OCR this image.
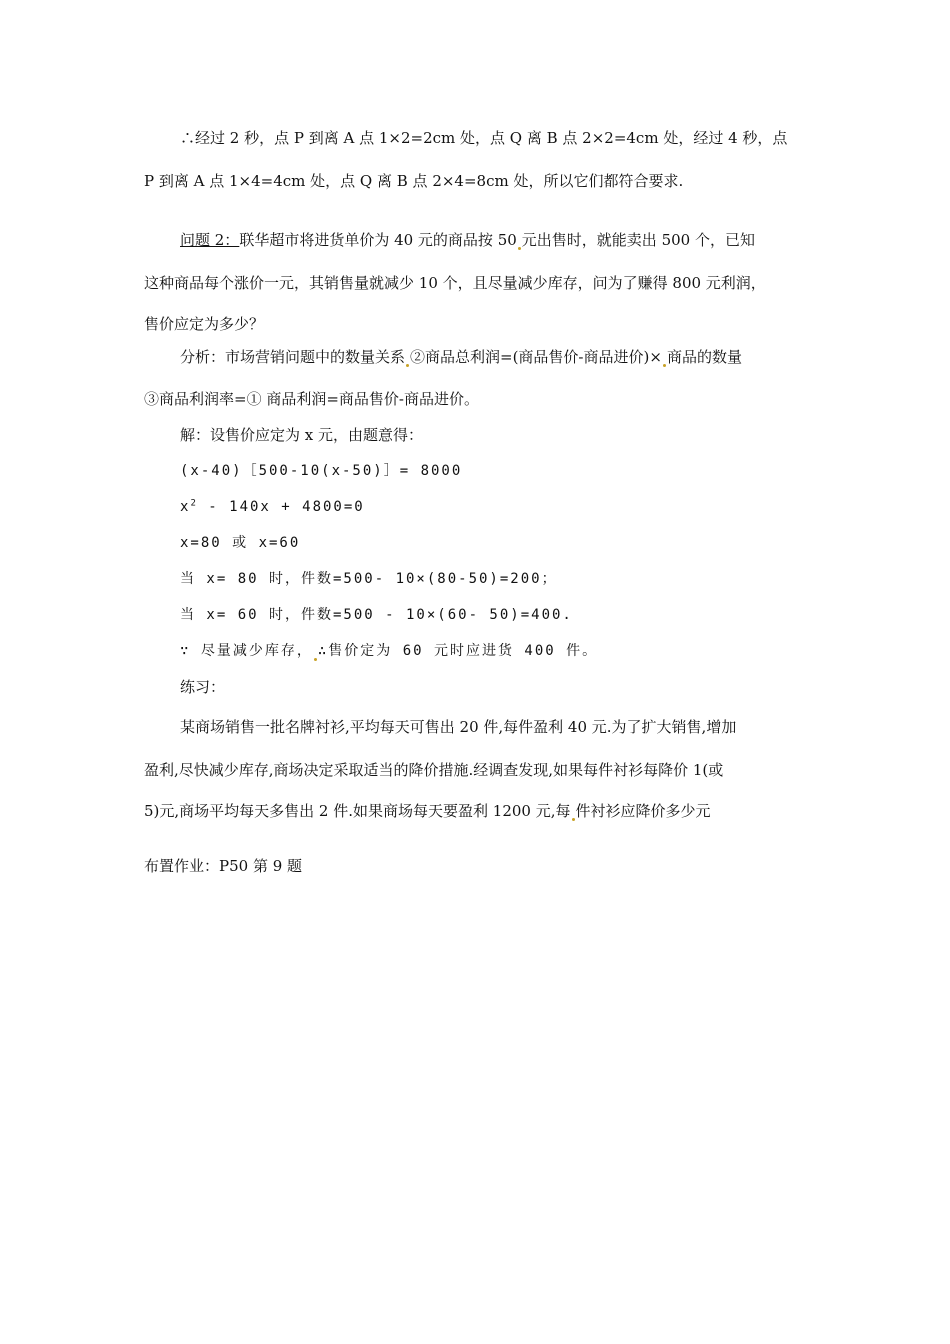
∴经过 2 秒，点 P 到离 A 点 1×2=2cm 处，点 Q 离 B 点 2×2=4cm 处，经过 4 秒，点
P 到离 A 点 1×4=4cm 处，点 Q 离 B 点 2×4=8cm 处，所以它们都符合要求.
问题 2：联华超市将进货单价为 40 元的商品按 50 元出售时，就能卖出 500 个，已知
这种商品每个涨价一元，其销售量就减少 10 个，且尽量减少库存，问为了赚得 800 元利润，
售价应定为多少？
分析：市场营销问题中的数量关系 ②商品总利润=(商品售价-商品进价)× 商品的数量
③商品利润率=① 商品利润=商品售价-商品进价。
解：设售价应定为 x 元，由题意得：
(x-40)［500-10(x-50)］= 8000
$x^2 - 140x + 4800=0$
x=80 或 x=60
当 x= 80 时，件数=500- 10×(80-50)=200；
当 x= 60 时，件数=500 - 10×(60- 50)=400.
∵ 尽量减少库存， ∴售价定为 60 元时应进货 400 件。
练习：
某商场销售一批名牌衬衫,平均每天可售出 20 件,每件盈利 40 元.为了扩大销售,增加
盈利,尽快减少库存,商场决定采取适当的降价措施.经调查发现,如果每件衬衫每降价 1(或
5)元,商场平均每天多售出 2 件.如果商场每天要盈利 1200 元,每 件衬衫应降价多少元
布置作业：P50 第 9 题
